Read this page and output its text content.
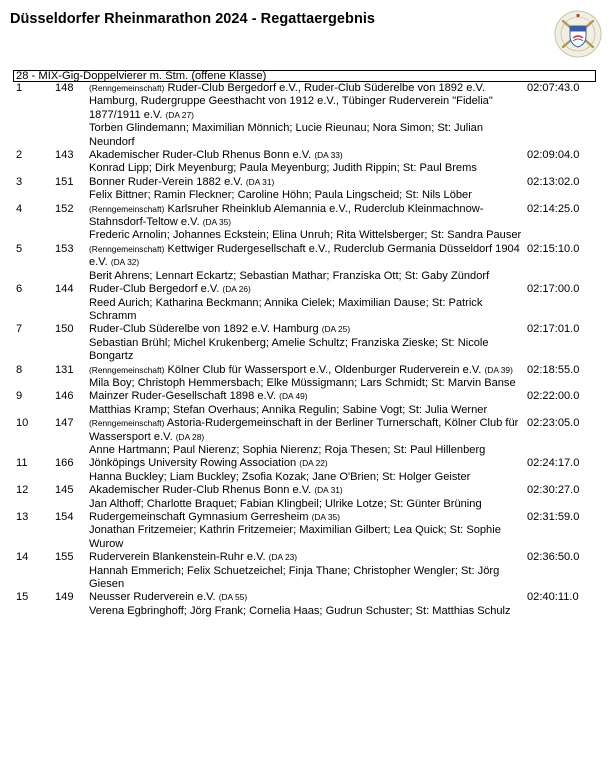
Düsseldorfer Rheinmarathon 2024 - Regattaergebnis
28 - MIX-Gig-Doppelvierer m. Stm. (offene Klasse)
1	148	02:07:43.0
(Renngemeinschaft) Ruder-Club Bergedorf e.V., Ruder-Club Süderelbe von 1892 e.V. Hamburg, Rudergruppe Geesthacht von 1912 e.V., Tübinger Ruderverein "Fidelia" 1877/1911 e.V. (DA 27)
Torben Glindemann; Maximilian Mönnich; Lucie Rieunau; Nora Simon; St: Julian Neundorf
2	143	02:09:04.0
Akademischer Ruder-Club Rhenus Bonn e.V. (DA 33)
Konrad Lipp; Dirk Meyenburg; Paula Meyenburg; Judith Rippin; St: Paul Brems
3	151	02:13:02.0
Bonner Ruder-Verein 1882 e.V. (DA 31)
Felix Bittner; Ramin Fleckner; Caroline Höhn; Paula Lingscheid; St: Nils Löber
4	152	02:14:25.0
(Renngemeinschaft) Karlsruher Rheinklub Alemannia e.V., Ruderclub Kleinmachnow-Stahnsdorf-Teltow e.V. (DA 35)
Frederic Arnolin; Johannes Eckstein; Elina Unruh; Rita Wittelsberger; St: Sandra Pauser
5	153	02:15:10.0
(Renngemeinschaft) Kettwiger Rudergesellschaft e.V., Ruderclub Germania Düsseldorf 1904 e.V. (DA 32)
Berit Ahrens; Lennart Eckartz; Sebastian Mathar; Franziska Ott; St: Gaby Zündorf
6	144	02:17:00.0
Ruder-Club Bergedorf e.V. (DA 26)
Reed Aurich; Katharina Beckmann; Annika Cielek; Maximilian Dause; St: Patrick Schramm
7	150	02:17:01.0
Ruder-Club Süderelbe von 1892 e.V. Hamburg (DA 25)
Sebastian Brühl; Michel Krukenberg; Amelie Schultz; Franziska Zieske; St: Nicole Bongartz
8	131	02:18:55.0
(Renngemeinschaft) Kölner Club für Wassersport e.V., Oldenburger Ruderverein e.V. (DA 39)
Mila Boy; Christoph Hemmersbach; Elke Müssigmann; Lars Schmidt; St: Marvin Banse
9	146	02:22:00.0
Mainzer Ruder-Gesellschaft 1898 e.V. (DA 49)
Matthias Kramp; Stefan Overhaus; Annika Regulin; Sabine Vogt; St: Julia Werner
10 147	02:23:05.0
(Renngemeinschaft) Astoria-Rudergemeinschaft in der Berliner Turnerschaft, Kölner Club für Wassersport e.V. (DA 28)
Anne Hartmann; Paul Nierenz; Sophia Nierenz; Roja Thesen; St: Paul Hillenberg
11 166	02:24:17.0
Jönköpings University Rowing Association (DA 22)
Hanna Buckley; Liam Buckley; Zsofia Kozak; Jane O'Brien; St: Holger Geister
12 145	02:30:27.0
Akademischer Ruder-Club Rhenus Bonn e.V. (DA 31)
Jan Althoff; Charlotte Braquet; Fabian Klingbeil; Ulrike Lotze; St: Günter Brüning
13 154	02:31:59.0
Rudergemeinschaft Gymnasium Gerresheim (DA 35)
Jonathan Fritzemeier; Kathrin Fritzemeier; Maximilian Gilbert; Lea Quick; St: Sophie Wurow
14 155	02:36:50.0
Ruderverein Blankenstein-Ruhr e.V. (DA 23)
Hannah Emmerich; Felix Schuetzeichel; Finja Thane; Christopher Wengler; St: Jörg Giesen
15 149	02:40:11.0
Neusser Ruderverein e.V. (DA 55)
Verena Egbringhoff; Jörg Frank; Cornelia Haas; Gudrun Schuster; St: Matthias Schulz
